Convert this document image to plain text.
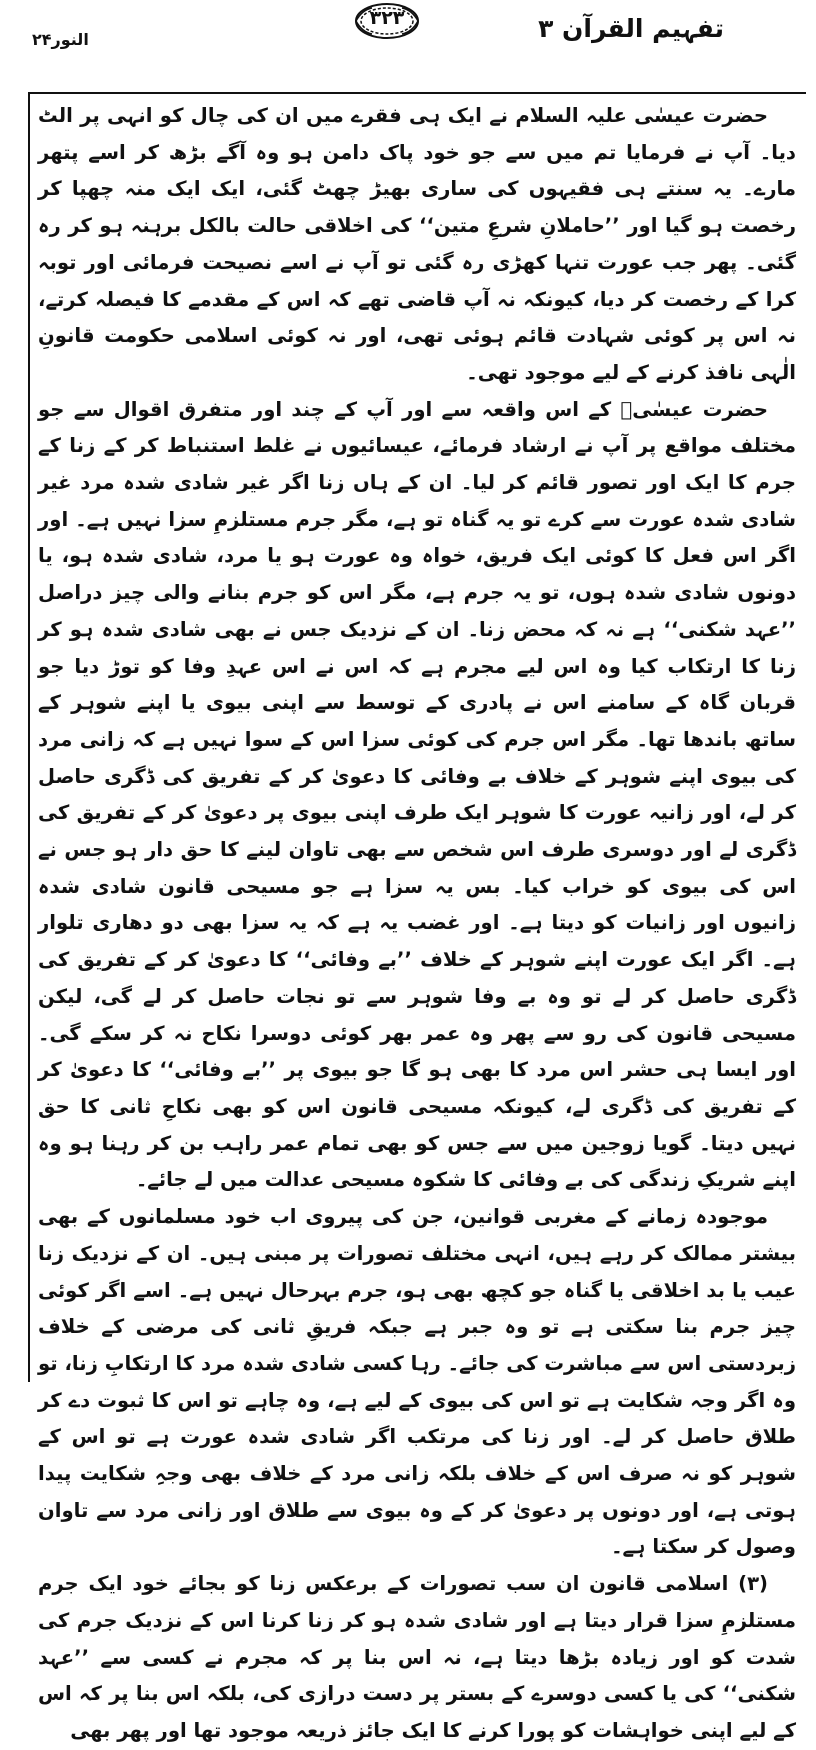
النور۲۴
۳۲۳	تفہیم القرآن ۳

حضرت عیسٰی علیہ السلام نے ایک ہی فقرے میں ان کی چال کو انہی پر الٹ دیا۔ آپ نے فرمایا تم میں سے جو خود پاک دامن ہو وہ آگے بڑھ کر اسے پتھر مارے۔ یہ سنتے ہی فقیہوں کی ساری بھیڑ چھٹ گئی، ایک ایک منہ چھپا کر رخصت ہو گیا اور ’’حاملانِ شرعِ متین‘‘ کی اخلاقی حالت بالکل برہنہ ہو کر رہ گئی۔ پھر جب عورت تنہا کھڑی رہ گئی تو آپ نے اسے نصیحت فرمائی اور توبہ کرا کے رخصت کر دیا، کیونکہ نہ آپ قاضی تھے کہ اس کے مقدمے کا فیصلہ کرتے، نہ اس پر کوئی شہادت قائم ہوئی تھی، اور نہ کوئی اسلامی حکومت قانونِ الٰہی نافذ کرنے کے لیے موجود تھی۔

حضرت عیسٰیؑ کے اس واقعہ سے اور آپ کے چند اور متفرق اقوال سے جو مختلف مواقع پر آپ نے ارشاد فرمائے، عیسائیوں نے غلط استنباط کر کے زنا کے جرم کا ایک اور تصور قائم کر لیا۔ ان کے ہاں زنا اگر غیر شادی شدہ مرد غیر شادی شدہ عورت سے کرے تو یہ گناہ تو ہے، مگر جرم مستلزمِ سزا نہیں ہے۔ اور اگر اس فعل کا کوئی ایک فریق، خواہ وہ عورت ہو یا مرد، شادی شدہ ہو، یا دونوں شادی شدہ ہوں، تو یہ جرم ہے، مگر اس کو جرم بنانے والی چیز دراصل ’’عہد شکنی‘‘ ہے نہ کہ محض زنا۔ ان کے نزدیک جس نے بھی شادی شدہ ہو کر زنا کا ارتکاب کیا وہ اس لیے مجرم ہے کہ اس نے اس عہدِ وفا کو توڑ دیا جو قربان گاہ کے سامنے اس نے پادری کے توسط سے اپنی بیوی یا اپنے شوہر کے ساتھ باندھا تھا۔ مگر اس جرم کی کوئی سزا اس کے سوا نہیں ہے کہ زانی مرد کی بیوی اپنے شوہر کے خلاف بے وفائی کا دعویٰ کر کے تفریق کی ڈگری حاصل کر لے، اور زانیہ عورت کا شوہر ایک طرف اپنی بیوی پر دعویٰ کر کے تفریق کی ڈگری لے اور دوسری طرف اس شخص سے بھی تاوان لینے کا حق دار ہو جس نے اس کی بیوی کو خراب کیا۔ بس یہ سزا ہے جو مسیحی قانون شادی شدہ زانیوں اور زانیات کو دیتا ہے۔ اور غضب یہ ہے کہ یہ سزا بھی دو دھاری تلوار ہے۔ اگر ایک عورت اپنے شوہر کے خلاف ’’بے وفائی‘‘ کا دعویٰ کر کے تفریق کی ڈگری حاصل کر لے تو وہ بے وفا شوہر سے تو نجات حاصل کر لے گی، لیکن مسیحی قانون کی رو سے پھر وہ عمر بھر کوئی دوسرا نکاح نہ کر سکے گی۔ اور ایسا ہی حشر اس مرد کا بھی ہو گا جو بیوی پر ’’بے وفائی‘‘ کا دعویٰ کر کے تفریق کی ڈگری لے، کیونکہ مسیحی قانون اس کو بھی نکاحِ ثانی کا حق نہیں دیتا۔ گویا زوجین میں سے جس کو بھی تمام عمر راہب بن کر رہنا ہو وہ اپنے شریکِ زندگی کی بے وفائی کا شکوہ مسیحی عدالت میں لے جائے۔

موجودہ زمانے کے مغربی قوانین، جن کی پیروی اب خود مسلمانوں کے بھی بیشتر ممالک کر رہے ہیں، انہی مختلف تصورات پر مبنی ہیں۔ ان کے نزدیک زنا عیب یا بد اخلاقی یا گناہ جو کچھ بھی ہو، جرم بہرحال نہیں ہے۔ اسے اگر کوئی چیز جرم بنا سکتی ہے تو وہ جبر ہے جبکہ فریقِ ثانی کی مرضی کے خلاف زبردستی اس سے مباشرت کی جائے۔ رہا کسی شادی شدہ مرد کا ارتکابِ زنا، تو وہ اگر وجہ شکایت ہے تو اس کی بیوی کے لیے ہے، وہ چاہے تو اس کا ثبوت دے کر طلاق حاصل کر لے۔ اور زنا کی مرتکب اگر شادی شدہ عورت ہے تو اس کے شوہر کو نہ صرف اس کے خلاف بلکہ زانی مرد کے خلاف بھی وجہِ شکایت پیدا ہوتی ہے، اور دونوں پر دعویٰ کر کے وہ بیوی سے طلاق اور زانی مرد سے تاوان وصول کر سکتا ہے۔

(۳) اسلامی قانون ان سب تصورات کے برعکس زنا کو بجائے خود ایک جرم مستلزمِ سزا قرار دیتا ہے اور شادی شدہ ہو کر زنا کرنا اس کے نزدیک جرم کی شدت کو اور زیادہ بڑھا دیتا ہے، نہ اس بنا پر کہ مجرم نے کسی سے ’’عہد شکنی‘‘ کی یا کسی دوسرے کے بستر پر دست درازی کی، بلکہ اس بنا پر کہ اس کے لیے اپنی خواہشات کو پورا کرنے کا ایک جائز ذریعہ موجود تھا اور پھر بھی
